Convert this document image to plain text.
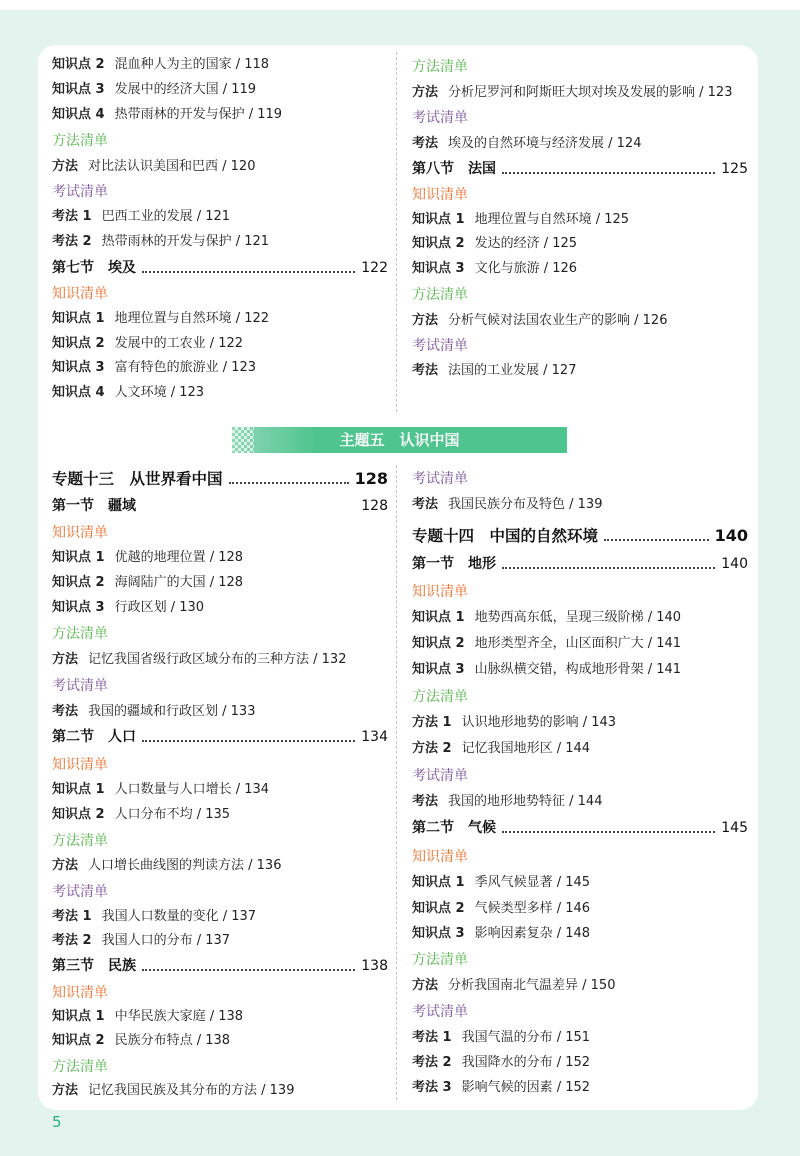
知识点 2 混血种人为主的国家 / 118
知识点 3 发展中的经济大国 / 119
知识点 4 热带雨林的开发与保护 / 119
方法清单
方法 对比法认识美国和巴西 / 120
考试清单
考法 1 巴西工业的发展 / 121
考法 2 热带雨林的开发与保护 / 121
第七节　埃及	122
知识清单
知识点 1 地理位置与自然环境 / 122
知识点 2 发展中的工农业 / 122
知识点 3 富有特色的旅游业 / 123
知识点 4 人文环境 / 123
方法清单
方法 分析尼罗河和阿斯旺大坝对埃及发展的影响 / 123
考试清单
考法 埃及的自然环境与经济发展 / 124
第八节　法国	125
知识清单
知识点 1 地理位置与自然环境 / 125
知识点 2 发达的经济 / 125
知识点 3 文化与旅游 / 126
方法清单
方法 分析气候对法国农业生产的影响 / 126
考试清单
考法 法国的工业发展 / 127
主题五　认识中国
专题十三　从世界看中国	128
第一节　疆域	128
知识清单
知识点 1 优越的地理位置 / 128
知识点 2 海阔陆广的大国 / 128
知识点 3 行政区划 / 130
方法清单
方法 记忆我国省级行政区域分布的三种方法 / 132
考试清单
考法 我国的疆域和行政区划 / 133
第二节　人口	134
知识清单
知识点 1 人口数量与人口增长 / 134
知识点 2 人口分布不均 / 135
方法清单
方法 人口增长曲线图的判读方法 / 136
考试清单
考法 1 我国人口数量的变化 / 137
考法 2 我国人口的分布 / 137
第三节　民族	138
知识清单
知识点 1 中华民族大家庭 / 138
知识点 2 民族分布特点 / 138
方法清单
方法 记忆我国民族及其分布的方法 / 139
考试清单
考法 我国民族分布及特色 / 139
专题十四　中国的自然环境	140
第一节　地形	140
知识清单
知识点 1 地势西高东低，呈现三级阶梯 / 140
知识点 2 地形类型齐全，山区面积广大 / 141
知识点 3 山脉纵横交错，构成地形骨架 / 141
方法清单
方法 1 认识地形地势的影响 / 143
方法 2 记忆我国地形区 / 144
考试清单
考法 我国的地形地势特征 / 144
第二节　气候	145
知识清单
知识点 1 季风气候显著 / 145
知识点 2 气候类型多样 / 146
知识点 3 影响因素复杂 / 148
方法清单
方法 分析我国南北气温差异 / 150
考试清单
考法 1 我国气温的分布 / 151
考法 2 我国降水的分布 / 152
考法 3 影响气候的因素 / 152
5
